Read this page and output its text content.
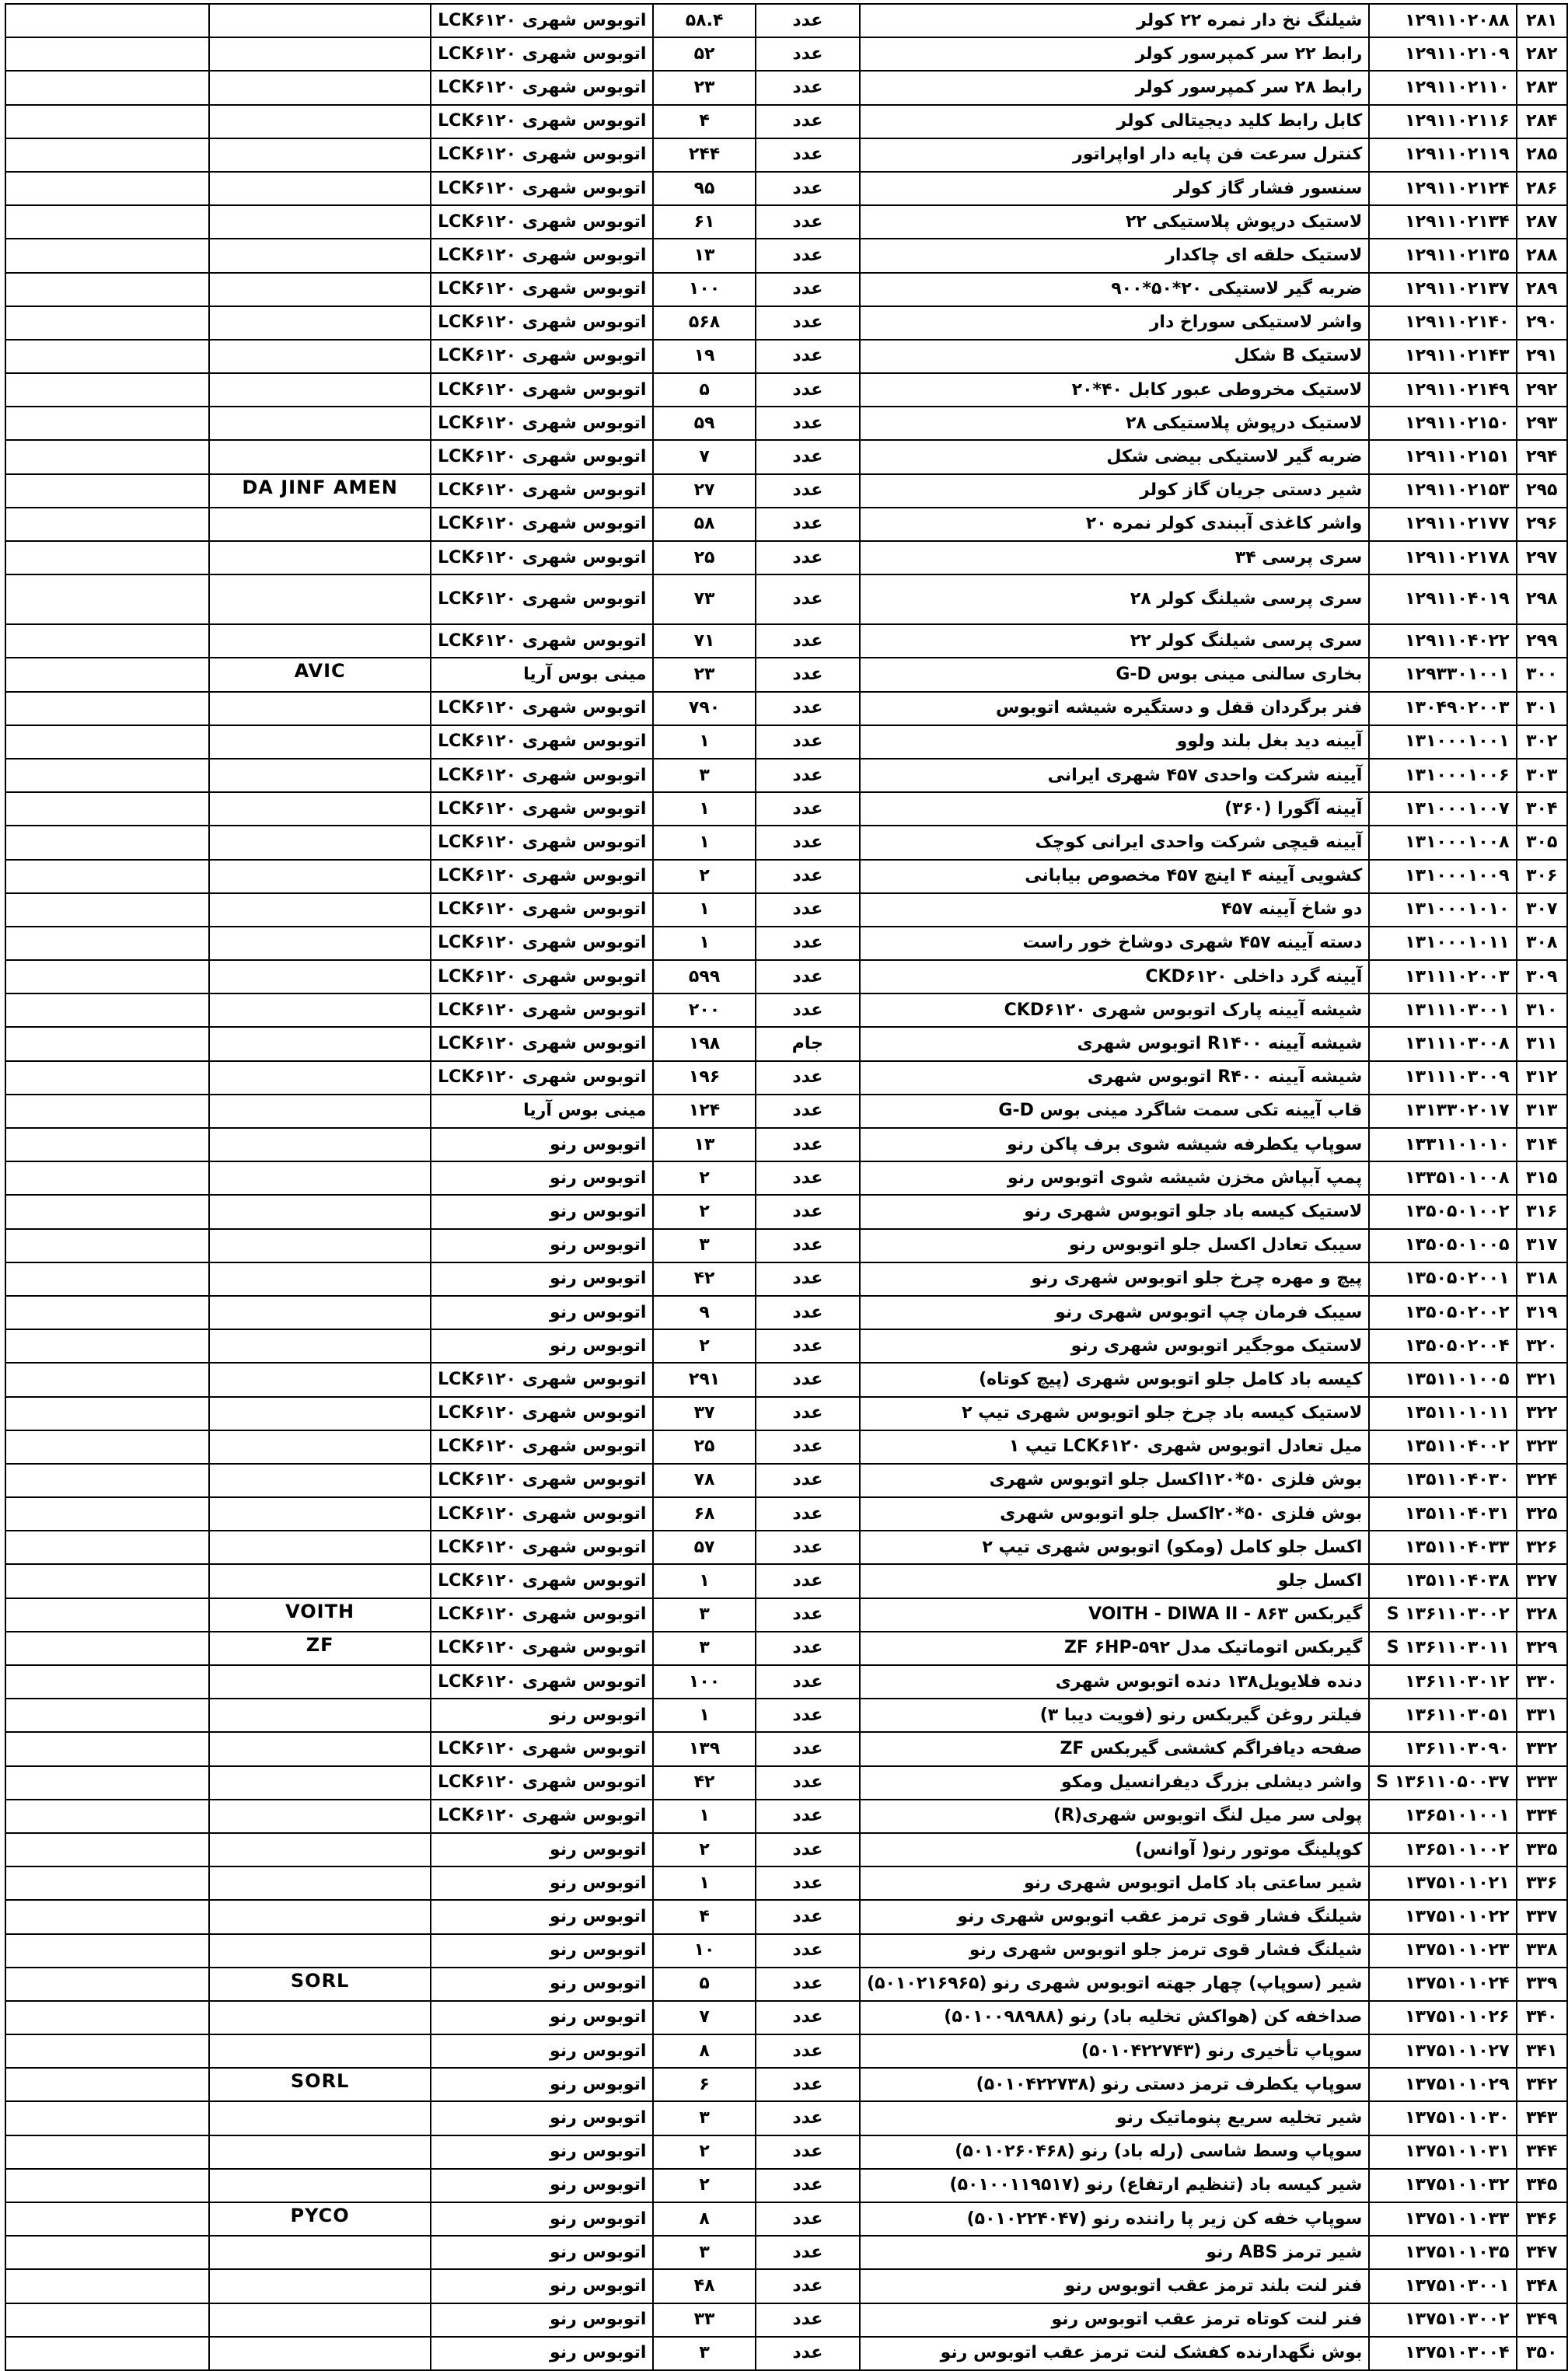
۲۸۱	۱۲۹۱۱۰۲۰۸۸	شیلنگ نخ دار نمره ۲۲ کولر	عدد	۵۸.۴	اتوبوس شهری LCK۶۱۲۰		
۲۸۲	۱۲۹۱۱۰۲۱۰۹	رابط ۲۲ سر کمپرسور کولر	عدد	۵۲	اتوبوس شهری LCK۶۱۲۰		
۲۸۳	۱۲۹۱۱۰۲۱۱۰	رابط ۲۸ سر کمپرسور کولر	عدد	۲۳	اتوبوس شهری LCK۶۱۲۰		
۲۸۴	۱۲۹۱۱۰۲۱۱۶	کابل رابط کلید دیجیتالی کولر	عدد	۴	اتوبوس شهری LCK۶۱۲۰		
۲۸۵	۱۲۹۱۱۰۲۱۱۹	کنترل سرعت فن پایه دار اواپراتور	عدد	۲۴۴	اتوبوس شهری LCK۶۱۲۰		
۲۸۶	۱۲۹۱۱۰۲۱۲۴	سنسور فشار گاز کولر	عدد	۹۵	اتوبوس شهری LCK۶۱۲۰		
۲۸۷	۱۲۹۱۱۰۲۱۳۴	لاستیک درپوش پلاستیکی ۲۲	عدد	۶۱	اتوبوس شهری LCK۶۱۲۰		
۲۸۸	۱۲۹۱۱۰۲۱۳۵	لاستیک حلقه ای چاکدار	عدد	۱۳	اتوبوس شهری LCK۶۱۲۰		
۲۸۹	۱۲۹۱۱۰۲۱۳۷	ضربه گیر لاستیکی ۲۰*۵۰*۹۰۰	عدد	۱۰۰	اتوبوس شهری LCK۶۱۲۰		
۲۹۰	۱۲۹۱۱۰۲۱۴۰	واشر لاستیکی سوراخ دار	عدد	۵۶۸	اتوبوس شهری LCK۶۱۲۰		
۲۹۱	۱۲۹۱۱۰۲۱۴۳	لاستیک B شکل	عدد	۱۹	اتوبوس شهری LCK۶۱۲۰		
۲۹۲	۱۲۹۱۱۰۲۱۴۹	لاستیک مخروطی عبور کابل ۴۰*۲۰	عدد	۵	اتوبوس شهری LCK۶۱۲۰		
۲۹۳	۱۲۹۱۱۰۲۱۵۰	لاستیک درپوش پلاستیکی ۲۸	عدد	۵۹	اتوبوس شهری LCK۶۱۲۰		
۲۹۴	۱۲۹۱۱۰۲۱۵۱	ضربه گیر لاستیکی بیضی شکل	عدد	۷	اتوبوس شهری LCK۶۱۲۰		
۲۹۵	۱۲۹۱۱۰۲۱۵۳	شیر دستی جریان گاز کولر	عدد	۲۷	اتوبوس شهری LCK۶۱۲۰	DA JINF AMEN	
۲۹۶	۱۲۹۱۱۰۲۱۷۷	واشر کاغذی آببندی کولر نمره ۲۰	عدد	۵۸	اتوبوس شهری LCK۶۱۲۰		
۲۹۷	۱۲۹۱۱۰۲۱۷۸	سری پرسی ۳۴	عدد	۲۵	اتوبوس شهری LCK۶۱۲۰		
۲۹۸	۱۲۹۱۱۰۴۰۱۹	سری پرسی شیلنگ کولر ۲۸	عدد	۷۳	اتوبوس شهری LCK۶۱۲۰		
۲۹۹	۱۲۹۱۱۰۴۰۲۲	سری پرسی شیلنگ کولر ۲۲	عدد	۷۱	اتوبوس شهری LCK۶۱۲۰		
۳۰۰	۱۲۹۳۳۰۱۰۰۱	بخاری سالنی مینی بوس G-D	عدد	۲۳	مینی بوس آریا	AVIC	
۳۰۱	۱۳۰۴۹۰۲۰۰۳	فنر برگردان قفل و دستگیره شیشه اتوبوس	عدد	۷۹۰	اتوبوس شهری LCK۶۱۲۰		
۳۰۲	۱۳۱۰۰۰۱۰۰۱	آیینه دید بغل بلند ولوو	عدد	۱	اتوبوس شهری LCK۶۱۲۰		
۳۰۳	۱۳۱۰۰۰۱۰۰۶	آیینه شرکت واحدی ۴۵۷ شهری ایرانی	عدد	۳	اتوبوس شهری LCK۶۱۲۰		
۳۰۴	۱۳۱۰۰۰۱۰۰۷	آیینه آگورا (۳۶۰)	عدد	۱	اتوبوس شهری LCK۶۱۲۰		
۳۰۵	۱۳۱۰۰۰۱۰۰۸	آیینه قیچی شرکت واحدی ایرانی کوچک	عدد	۱	اتوبوس شهری LCK۶۱۲۰		
۳۰۶	۱۳۱۰۰۰۱۰۰۹	کشویی آیینه ۴ اینچ ۴۵۷ مخصوص بیابانی	عدد	۲	اتوبوس شهری LCK۶۱۲۰		
۳۰۷	۱۳۱۰۰۰۱۰۱۰	دو شاخ آیینه ۴۵۷	عدد	۱	اتوبوس شهری LCK۶۱۲۰		
۳۰۸	۱۳۱۰۰۰۱۰۱۱	دسته آیینه ۴۵۷ شهری دوشاخ خور راست	عدد	۱	اتوبوس شهری LCK۶۱۲۰		
۳۰۹	۱۳۱۱۱۰۲۰۰۳	آیینه گرد داخلی CKD۶۱۲۰	عدد	۵۹۹	اتوبوس شهری LCK۶۱۲۰		
۳۱۰	۱۳۱۱۱۰۳۰۰۱	شیشه آیینه پارک اتوبوس شهری CKD۶۱۲۰	عدد	۲۰۰	اتوبوس شهری LCK۶۱۲۰		
۳۱۱	۱۳۱۱۱۰۳۰۰۸	شیشه آیینه R۱۴۰۰ اتوبوس شهری	جام	۱۹۸	اتوبوس شهری LCK۶۱۲۰		
۳۱۲	۱۳۱۱۱۰۳۰۰۹	شیشه آیینه R۴۰۰ اتوبوس شهری	عدد	۱۹۶	اتوبوس شهری LCK۶۱۲۰		
۳۱۳	۱۳۱۳۳۰۲۰۱۷	قاب آیینه تکی سمت شاگرد مینی بوس G-D	عدد	۱۲۴	مینی بوس آریا		
۳۱۴	۱۳۳۱۱۰۱۰۱۰	سوپاپ یکطرفه شیشه شوی برف پاکن رنو	عدد	۱۳	اتوبوس رنو		
۳۱۵	۱۳۳۵۱۰۱۰۰۸	پمپ آبپاش مخزن شیشه شوی اتوبوس رنو	عدد	۲	اتوبوس رنو		
۳۱۶	۱۳۵۰۵۰۱۰۰۲	لاستیک کیسه باد جلو اتوبوس شهری رنو	عدد	۲	اتوبوس رنو		
۳۱۷	۱۳۵۰۵۰۱۰۰۵	سیبک تعادل اکسل جلو اتوبوس رنو	عدد	۳	اتوبوس رنو		
۳۱۸	۱۳۵۰۵۰۲۰۰۱	پیچ و مهره چرخ جلو اتوبوس شهری رنو	عدد	۴۲	اتوبوس رنو		
۳۱۹	۱۳۵۰۵۰۲۰۰۲	سیبک فرمان چپ اتوبوس شهری رنو	عدد	۹	اتوبوس رنو		
۳۲۰	۱۳۵۰۵۰۲۰۰۴	لاستیک موجگیر اتوبوس شهری رنو	عدد	۲	اتوبوس رنو		
۳۲۱	۱۳۵۱۱۰۱۰۰۵	کیسه باد کامل جلو اتوبوس شهری (پیچ کوتاه)	عدد	۲۹۱	اتوبوس شهری LCK۶۱۲۰		
۳۲۲	۱۳۵۱۱۰۱۰۱۱	لاستیک کیسه باد چرخ جلو اتوبوس شهری تیپ ۲	عدد	۳۷	اتوبوس شهری LCK۶۱۲۰		
۳۲۳	۱۳۵۱۱۰۴۰۰۲	میل تعادل اتوبوس شهری LCK۶۱۲۰ تیپ ۱	عدد	۲۵	اتوبوس شهری LCK۶۱۲۰		
۳۲۴	۱۳۵۱۱۰۴۰۳۰	بوش فلزی ۵۰*۱۲۰اکسل جلو اتوبوس شهری	عدد	۷۸	اتوبوس شهری LCK۶۱۲۰		
۳۲۵	۱۳۵۱۱۰۴۰۳۱	بوش فلزی ۵۰*۲۰اکسل جلو اتوبوس شهری	عدد	۶۸	اتوبوس شهری LCK۶۱۲۰		
۳۲۶	۱۳۵۱۱۰۴۰۳۳	اکسل جلو کامل (ومکو) اتوبوس شهری تیپ ۲	عدد	۵۷	اتوبوس شهری LCK۶۱۲۰		
۳۲۷	۱۳۵۱۱۰۴۰۳۸	اکسل جلو	عدد	۱	اتوبوس شهری LCK۶۱۲۰		
۳۲۸	۱۳۶۱۱۰۳۰۰۲ S	گیربکس VOITH - DIWA II - ۸۶۳	عدد	۳	اتوبوس شهری LCK۶۱۲۰	VOITH	
۳۲۹	۱۳۶۱۱۰۳۰۱۱ S	گیربکس اتوماتیک مدل ۵۹۲-ZF ۶HP	عدد	۳	اتوبوس شهری LCK۶۱۲۰	ZF	
۳۳۰	۱۳۶۱۱۰۳۰۱۲	دنده فلایویل۱۳۸ دنده اتوبوس شهری	عدد	۱۰۰	اتوبوس شهری LCK۶۱۲۰		
۳۳۱	۱۳۶۱۱۰۳۰۵۱	فیلتر روغن گیربکس رنو (فویت دیبا ۳)	عدد	۱	اتوبوس رنو		
۳۳۲	۱۳۶۱۱۰۳۰۹۰	صفحه دیافراگم کششی گیربکس ZF	عدد	۱۳۹	اتوبوس شهری LCK۶۱۲۰		
۳۳۳	۱۳۶۱۱۰۵۰۰۳۷ S	واشر دیشلی بزرگ دیفرانسیل ومکو	عدد	۴۲	اتوبوس شهری LCK۶۱۲۰		
۳۳۴	۱۳۶۵۱۰۱۰۰۱	پولی سر میل لنگ اتوبوس شهری(R)	عدد	۱	اتوبوس شهری LCK۶۱۲۰		
۳۳۵	۱۳۶۵۱۰۱۰۰۲	کوپلینگ موتور رنو( آوانس)	عدد	۲	اتوبوس رنو		
۳۳۶	۱۳۷۵۱۰۱۰۲۱	شیر ساعتی باد کامل اتوبوس شهری رنو	عدد	۱	اتوبوس رنو		
۳۳۷	۱۳۷۵۱۰۱۰۲۲	شیلنگ فشار قوی ترمز عقب اتوبوس شهری رنو	عدد	۴	اتوبوس رنو		
۳۳۸	۱۳۷۵۱۰۱۰۲۳	شیلنگ فشار قوی ترمز جلو اتوبوس شهری رنو	عدد	۱۰	اتوبوس رنو		
۳۳۹	۱۳۷۵۱۰۱۰۲۴	شیر (سوپاپ) چهار جهته اتوبوس شهری رنو (۵۰۱۰۲۱۶۹۶۵)	عدد	۵	اتوبوس رنو	SORL	
۳۴۰	۱۳۷۵۱۰۱۰۲۶	صداخفه کن (هواکش تخلیه باد) رنو (۵۰۱۰۰۹۸۹۸۸)	عدد	۷	اتوبوس رنو		
۳۴۱	۱۳۷۵۱۰۱۰۲۷	سوپاپ تأخیری رنو (۵۰۱۰۴۲۲۷۴۳)	عدد	۸	اتوبوس رنو		
۳۴۲	۱۳۷۵۱۰۱۰۲۹	سوپاپ یکطرف ترمز دستی رنو (۵۰۱۰۴۲۲۷۳۸)	عدد	۶	اتوبوس رنو	SORL	
۳۴۳	۱۳۷۵۱۰۱۰۳۰	شیر تخلیه سریع پنوماتیک رنو	عدد	۳	اتوبوس رنو		
۳۴۴	۱۳۷۵۱۰۱۰۳۱	سوپاپ وسط شاسی (رله باد) رنو (۵۰۱۰۲۶۰۴۶۸)	عدد	۲	اتوبوس رنو		
۳۴۵	۱۳۷۵۱۰۱۰۳۲	شیر کیسه باد (تنظیم ارتفاع) رنو (۵۰۱۰۰۱۱۹۵۱۷)	عدد	۲	اتوبوس رنو		
۳۴۶	۱۳۷۵۱۰۱۰۳۳	سوپاپ خفه کن زیر پا راننده رنو (۵۰۱۰۲۲۴۰۴۷)	عدد	۸	اتوبوس رنو	PYCO	
۳۴۷	۱۳۷۵۱۰۱۰۳۵	شیر ترمز ABS رنو	عدد	۳	اتوبوس رنو		
۳۴۸	۱۳۷۵۱۰۳۰۰۱	فنر لنت بلند ترمز عقب اتوبوس رنو	عدد	۴۸	اتوبوس رنو		
۳۴۹	۱۳۷۵۱۰۳۰۰۲	فنر لنت کوتاه ترمز عقب اتوبوس رنو	عدد	۳۳	اتوبوس رنو		
۳۵۰	۱۳۷۵۱۰۳۰۰۴	بوش نگهدارنده کفشک لنت ترمز عقب اتوبوس رنو	عدد	۳	اتوبوس رنو		
